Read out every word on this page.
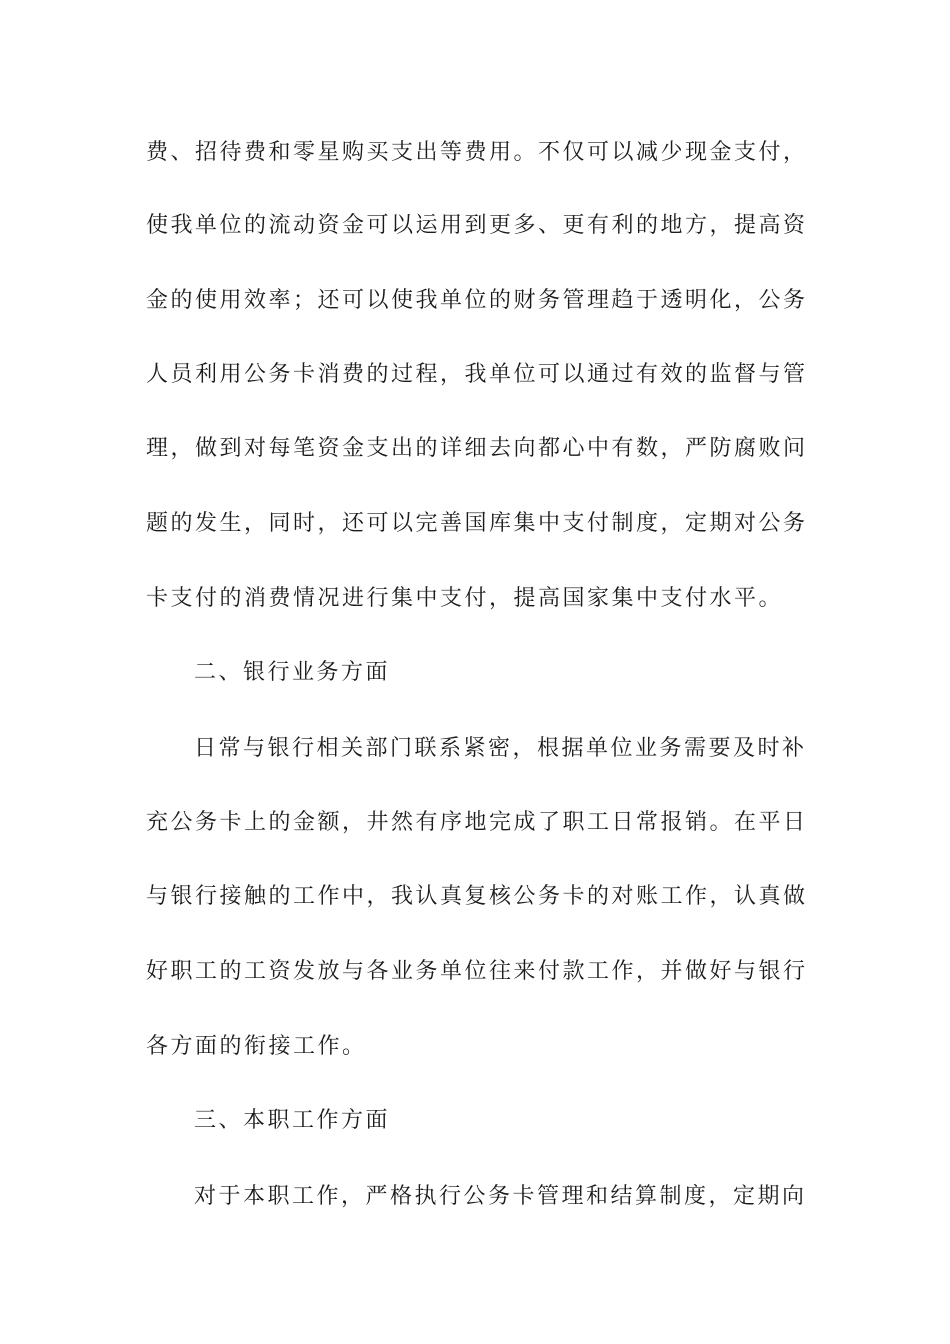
费、招待费和零星购买支出等费用。不仅可以减少现金支付，
使我单位的流动资金可以运用到更多、更有利的地方，提高资
金的使用效率；还可以使我单位的财务管理趋于透明化，公务
人员利用公务卡消费的过程，我单位可以通过有效的监督与管
理，做到对每笔资金支出的详细去向都心中有数，严防腐败问
题的发生，同时，还可以完善国库集中支付制度，定期对公务
卡支付的消费情况进行集中支付，提高国家集中支付水平。
二、银行业务方面
日常与银行相关部门联系紧密，根据单位业务需要及时补
充公务卡上的金额，井然有序地完成了职工日常报销。在平日
与银行接触的工作中，我认真复核公务卡的对账工作，认真做
好职工的工资发放与各业务单位往来付款工作，并做好与银行
各方面的衔接工作。
三、本职工作方面
对于本职工作，严格执行公务卡管理和结算制度，定期向
